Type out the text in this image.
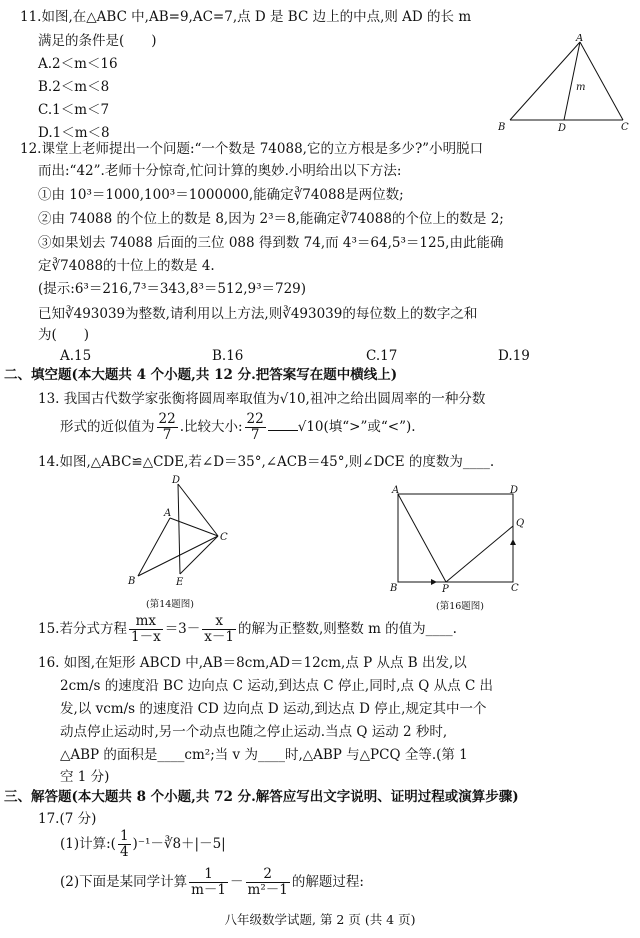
11.如图,在△ABC 中,AB=9,AC=7,点 D 是 BC 边上的中点,则 AD 的长 m
满足的条件是(　　)
A.2＜m＜16
B.2＜m＜8
C.1＜m＜7
D.1＜m＜8
A
B	D	C
m
12.课堂上老师提出一个问题:“一个数是 74088,它的立方根是多少?”小明脱口
而出:“42”.老师十分惊奇,忙问计算的奥妙.小明给出以下方法:
①由 10³＝1000,100³＝1000000,能确定∛74088是两位数;
②由 74088 的个位上的数是 8,因为 2³＝8,能确定∛74088的个位上的数是 2;
③如果划去 74088 后面的三位 088 得到数 74,而 4³＝64,5³＝125,由此能确
定∛74088的十位上的数是 4.
(提示:6³＝216,7³＝343,8³＝512,9³＝729)
已知∛493039为整数,请利用以上方法,则∛493039的每位数上的数字之和
为(　　)
A.15	B.16	C.17	D.19
二、填空题(本大题共 4 个小题,共 12 分.把答案写在题中横线上)
13. 我国古代数学家张衡将圆周率取值为√10,祖冲之给出圆周率的一种分数
形式的近似值为 $\frac{22}{7}$ .比较大小: $\frac{22}{7} √10$(填“>”或“<”).
14.如图,△ABC≌△CDE,若∠D＝35°,∠ACB＝45°,则∠DCE 的度数为____.
D
A
C
B	E
(第14题图)
A	D
Q
B	P	C
(第16题图)
15.若分式方程 $\frac{mx}{1-x} =3- \frac{x}{x-1}$ 的解为正整数,则整数 m 的值为____.
16. 如图,在矩形 ABCD 中,AB＝8cm,AD＝12cm,点 P 从点 B 出发,以
2cm/s 的速度沿 BC 边向点 C 运动,到达点 C 停止,同时,点 Q 从点 C 出
发,以 vcm/s 的速度沿 CD 边向点 D 运动,到达点 D 停止,规定其中一个
动点停止运动时,另一个动点也随之停止运动.当点 Q 运动 2 秒时,
△ABP 的面积是____cm²;当 v 为____时,△ABP 与△PCQ 全等.(第 1
空 1 分)
三、解答题(本大题共 8 个小题,共 72 分.解答应写出文字说明、证明过程或演算步骤)
17.(7 分)
(1)计算:( $\frac{1}{4}$ )⁻¹－∛8＋|－5|
(2)下面是某同学计算 $\frac{1}{m-1} - \frac{2}{\text{m²－1}}$ 的解题过程:
八年级数学试题, 第 2 页 (共 4 页)
